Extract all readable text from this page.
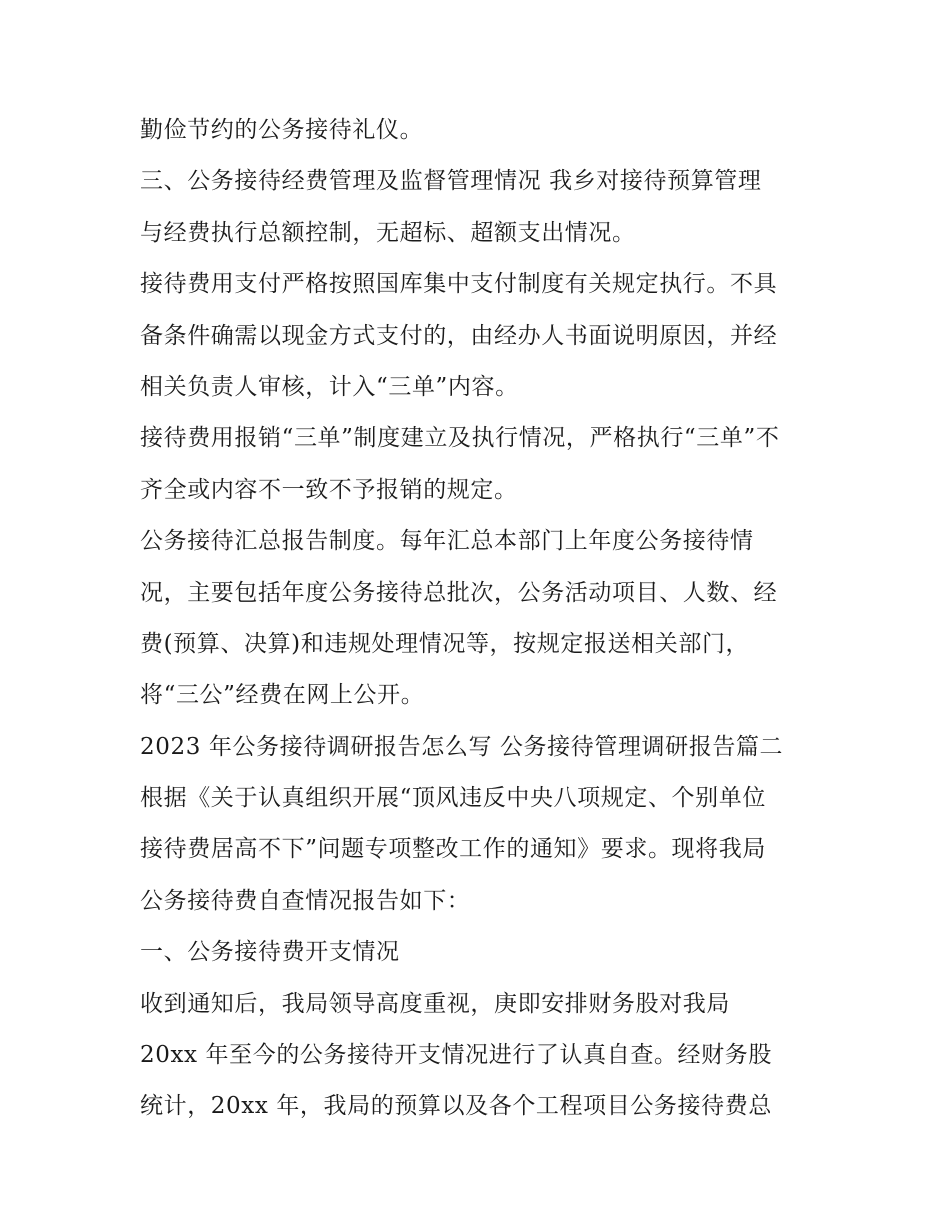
勤俭节约的公务接待礼仪。
三、公务接待经费管理及监督管理情况 我乡对接待预算管理
与经费执行总额控制，无超标、超额支出情况。
接待费用支付严格按照国库集中支付制度有关规定执行。不具
备条件确需以现金方式支付的，由经办人书面说明原因，并经
相关负责人审核，计入“三单”内容。
接待费用报销“三单”制度建立及执行情况，严格执行“三单”不
齐全或内容不一致不予报销的规定。
公务接待汇总报告制度。每年汇总本部门上年度公务接待情
况，主要包括年度公务接待总批次，公务活动项目、人数、经
费(预算、决算)和违规处理情况等，按规定报送相关部门，
将“三公”经费在网上公开。
2023 年公务接待调研报告怎么写 公务接待管理调研报告篇二
根据《关于认真组织开展“顶风违反中央八项规定、个别单位
接待费居高不下”问题专项整改工作的通知》要求。现将我局
公务接待费自查情况报告如下：
一、公务接待费开支情况
收到通知后，我局领导高度重视，庚即安排财务股对我局
20xx 年至今的公务接待开支情况进行了认真自查。经财务股
统计，20xx 年，我局的预算以及各个工程项目公务接待费总
